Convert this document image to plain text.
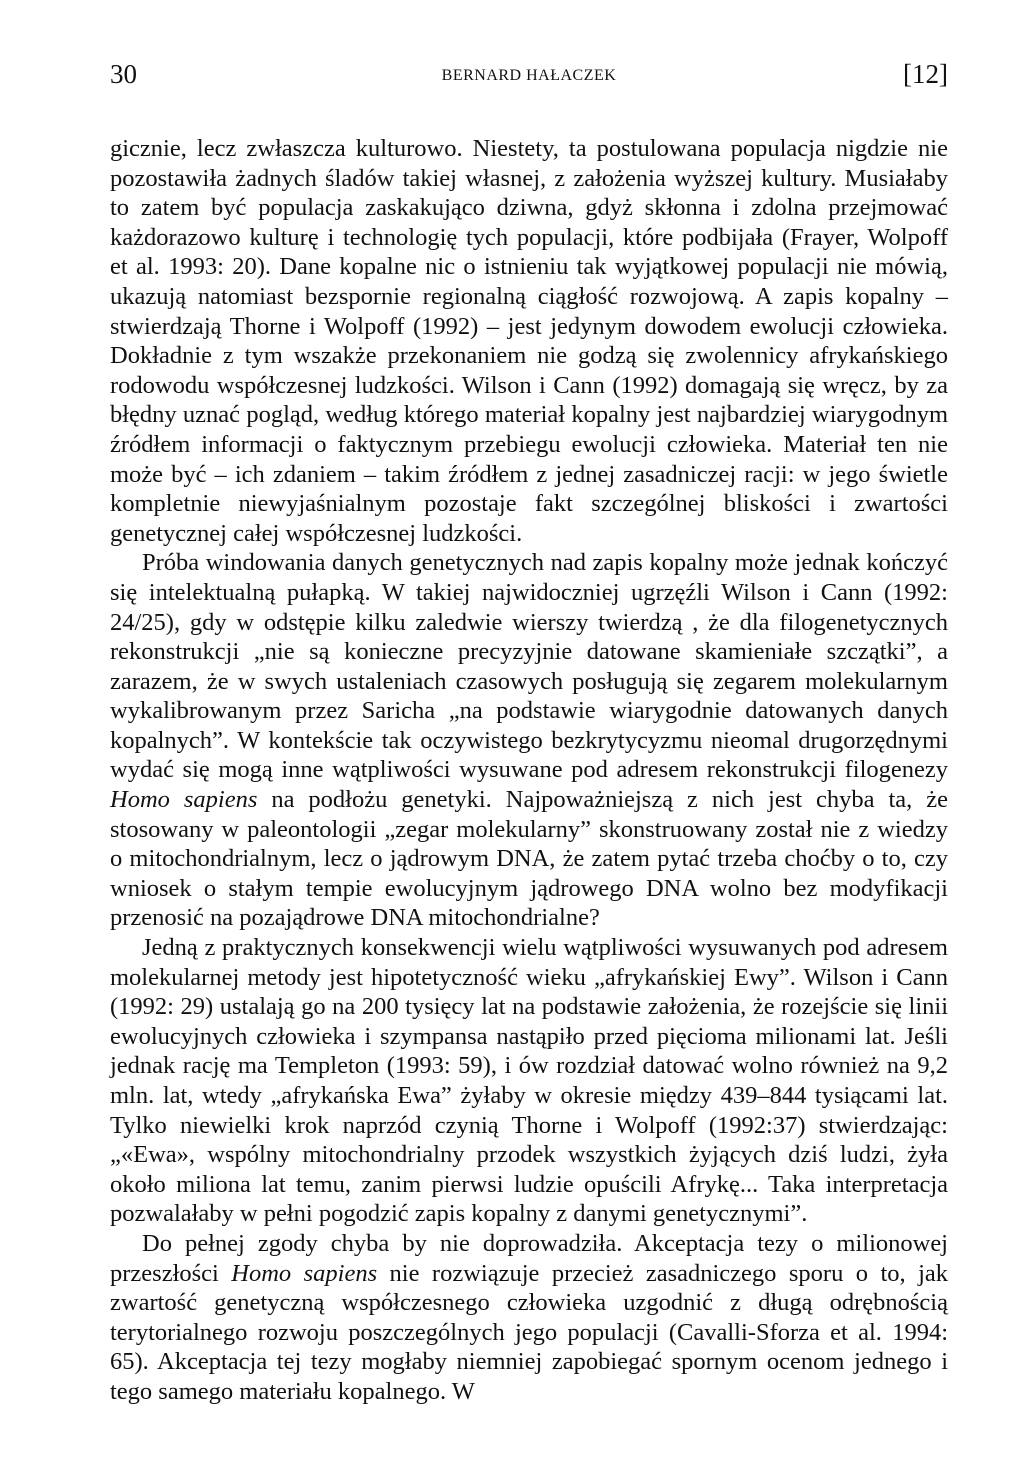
30	BERNARD HAŁACZEK	[12]

gicznie, lecz zwłaszcza kulturowo. Niestety, ta postulowana populacja nigdzie nie pozostawiła żadnych śladów takiej własnej, z założenia wyższej kultury. Musiałaby to zatem być populacja zaskakująco dziwna, gdyż skłonna i zdolna przejmować każdorazowo kulturę i technologię tych populacji, które podbijała (Frayer, Wolpoff et al. 1993: 20). Dane kopalne nic o istnieniu tak wyjątkowej populacji nie mówią, ukazują natomiast bezspornie regionalną ciągłość rozwojową. A zapis kopalny – stwierdzają Thorne i Wolpoff (1992) – jest jedynym dowodem ewolucji człowieka. Dokładnie z tym wszakże przekonaniem nie godzą się zwolennicy afrykańskiego rodowodu współczesnej ludzkości. Wilson i Cann (1992) domagają się wręcz, by za błędny uznać pogląd, według którego materiał kopalny jest najbardziej wiarygodnym źródłem informacji o faktycznym przebiegu ewolucji człowieka. Materiał ten nie może być – ich zdaniem – takim źródłem z jednej zasadniczej racji: w jego świetle kompletnie niewyjaśnialnym pozostaje fakt szczególnej bliskości i zwartości genetycznej całej współczesnej ludzkości.

Próba windowania danych genetycznych nad zapis kopalny może jednak kończyć się intelektualną pułapką. W takiej najwidoczniej ugrzęźli Wilson i Cann (1992: 24/25), gdy w odstępie kilku zaledwie wierszy twierdzą , że dla filogenetycznych rekonstrukcji „nie są konieczne precyzyjnie datowane skamieniałe szczątki”, a zarazem, że w swych ustaleniach czasowych posługują się zegarem molekularnym wykalibrowanym przez Saricha „na podstawie wiarygodnie datowanych danych kopalnych”. W kontekście tak oczywistego bezkrytycyzmu nieomal drugorzędnymi wydać się mogą inne wątpliwości wysuwane pod adresem rekonstrukcji filogenezy Homo sapiens na podłożu genetyki. Najpoważniejszą z nich jest chyba ta, że stosowany w paleontologii „zegar molekularny” skonstruowany został nie z wiedzy o mitochondrialnym, lecz o jądrowym DNA, że zatem pytać trzeba choćby o to, czy wniosek o stałym tempie ewolucyjnym jądrowego DNA wolno bez modyfikacji przenosić na pozajądrowe DNA mitochondrialne?

Jedną z praktycznych konsekwencji wielu wątpliwości wysuwanych pod adresem molekularnej metody jest hipotetyczność wieku „afrykańskiej Ewy”. Wilson i Cann (1992: 29) ustalają go na 200 tysięcy lat na podstawie założenia, że rozejście się linii ewolucyjnych człowieka i szympansa nastąpiło przed pięcioma milionami lat. Jeśli jednak rację ma Templeton (1993: 59), i ów rozdział datować wolno również na 9,2 mln. lat, wtedy „afrykańska Ewa” żyłaby w okresie między 439–844 tysiącami lat. Tylko niewielki krok naprzód czynią Thorne i Wolpoff (1992:37) stwierdzając: „«Ewa», wspólny mitochondrialny przodek wszystkich żyjących dziś ludzi, żyła około miliona lat temu, zanim pierwsi ludzie opuścili Afrykę... Taka interpretacja pozwalałaby w pełni pogodzić zapis kopalny z danymi genetycznymi”.

Do pełnej zgody chyba by nie doprowadziła. Akceptacja tezy o milionowej przeszłości Homo sapiens nie rozwiązuje przecież zasadniczego sporu o to, jak zwartość genetyczną współczesnego człowieka uzgodnić z długą odrębnością terytorialnego rozwoju poszczególnych jego populacji (Cavalli-Sforza et al. 1994: 65). Akceptacja tej tezy mogłaby niemniej zapobiegać spornym ocenom jednego i tego samego materiału kopalnego. W
